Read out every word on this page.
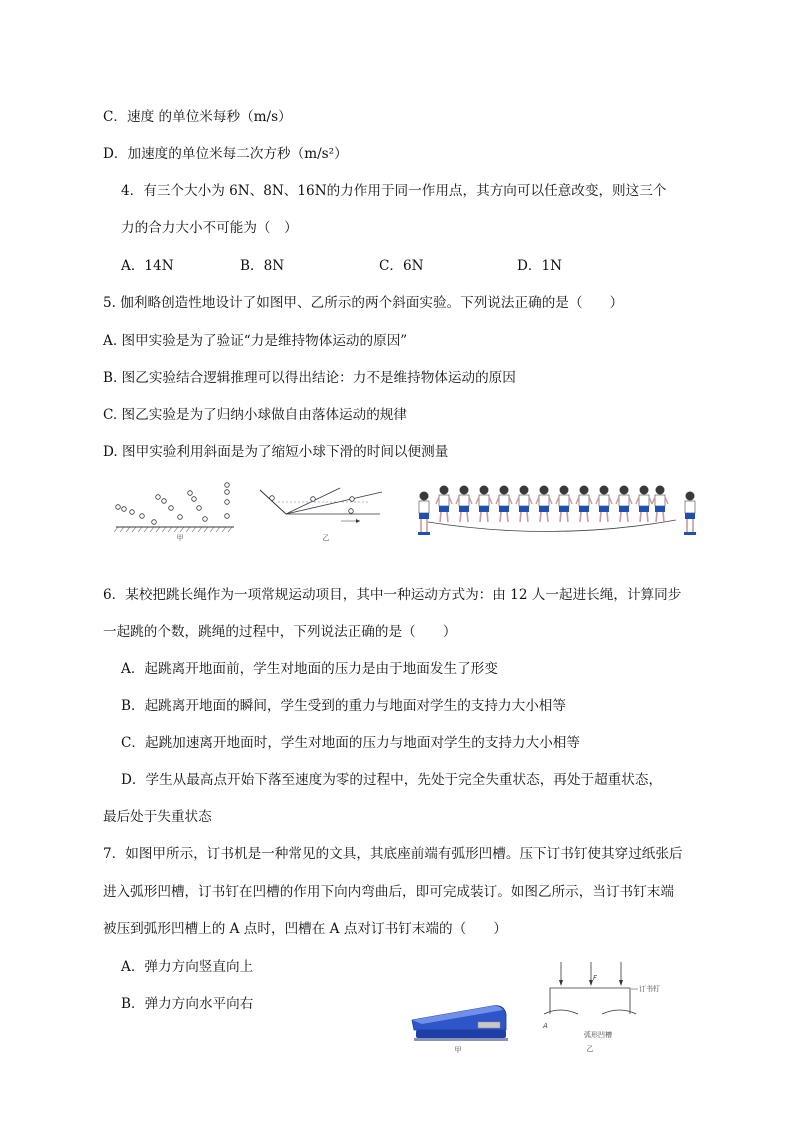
C．速度 的单位米每秒（m/s）
D．加速度的单位米每二次方秒（m/s²）
4．有三个大小为 6N、8N、16N的力作用于同一作用点，其方向可以任意改变，则这三个
力的合力大小不可能为（　）
A．14N	B．8N	C．6N	D．1N
5. 伽利略创造性地设计了如图甲、乙所示的两个斜面实验。下列说法正确的是（　　）
A. 图甲实验是为了验证“力是维持物体运动的原因”
B. 图乙实验结合逻辑推理可以得出结论：力不是维持物体运动的原因
C. 图乙实验是为了归纳小球做自由落体运动的规律
D. 图甲实验利用斜面是为了缩短小球下滑的时间以便测量
甲	乙
6．某校把跳长绳作为一项常规运动项目，其中一种运动方式为：由 12 人一起进长绳，计算同步
一起跳的个数，跳绳的过程中，下列说法正确的是（　　）
A．起跳离开地面前，学生对地面的压力是由于地面发生了形变
B．起跳离开地面的瞬间，学生受到的重力与地面对学生的支持力大小相等
C．起跳加速离开地面时，学生对地面的压力与地面对学生的支持力大小相等
D．学生从最高点开始下落至速度为零的过程中，先处于完全失重状态，再处于超重状态，
最后处于失重状态
7．如图甲所示，订书机是一种常见的文具，其底座前端有弧形凹槽。压下订书钉使其穿过纸张后
进入弧形凹槽，订书钉在凹槽的作用下向内弯曲后，即可完成装订。如图乙所示，当订书钉末端
被压到弧形凹槽上的 A 点时，凹槽在 A 点对订书钉末端的（　　）
A．弹力方向竖直向上
B．弹力方向水平向右
甲
F
A
订书钉
弧形凹槽
乙
